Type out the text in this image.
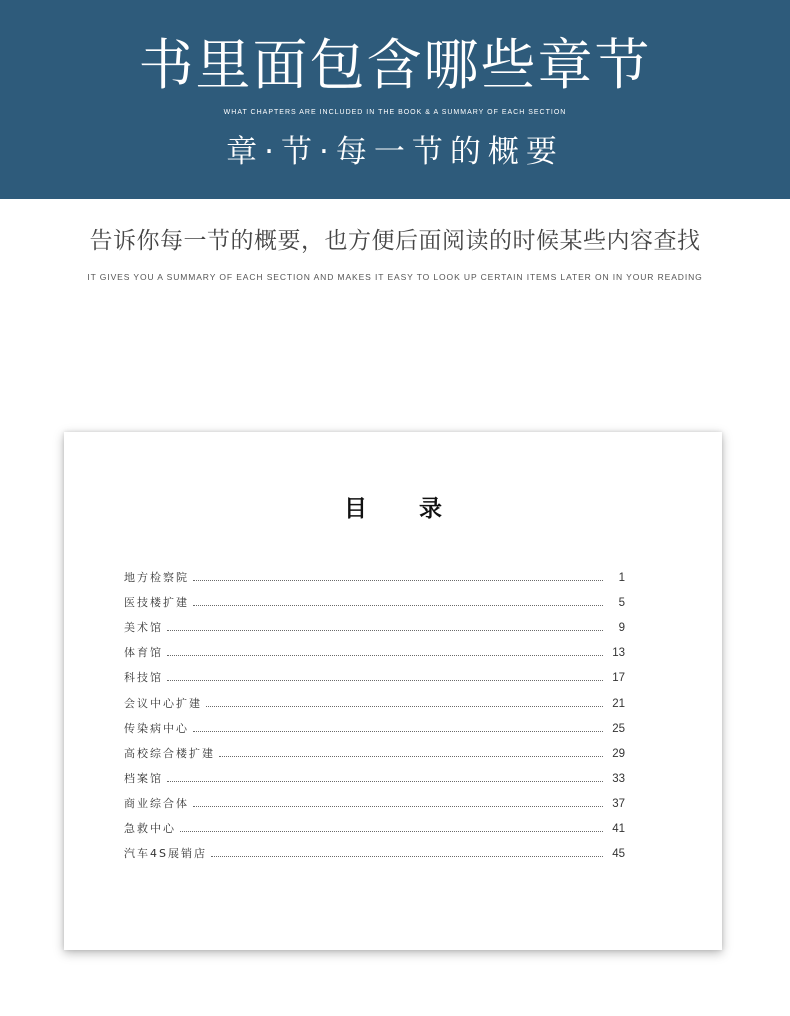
书里面包含哪些章节
WHAT CHAPTERS ARE INCLUDED IN THE BOOK & A SUMMARY OF EACH SECTION
章·节·每一节的概要

告诉你每一节的概要，也方便后面阅读的时候某些内容查找

IT GIVES YOU A SUMMARY OF EACH SECTION AND MAKES IT EASY TO LOOK UP CERTAIN ITEMS LATER ON IN YOUR READING

目 录
地方检察院	1
医技楼扩建	5
美术馆	9
体育馆	13
科技馆	17
会议中心扩建	21
传染病中心	25
高校综合楼扩建	29
档案馆	33
商业综合体	37
急救中心	41
汽车4S展销店	45
